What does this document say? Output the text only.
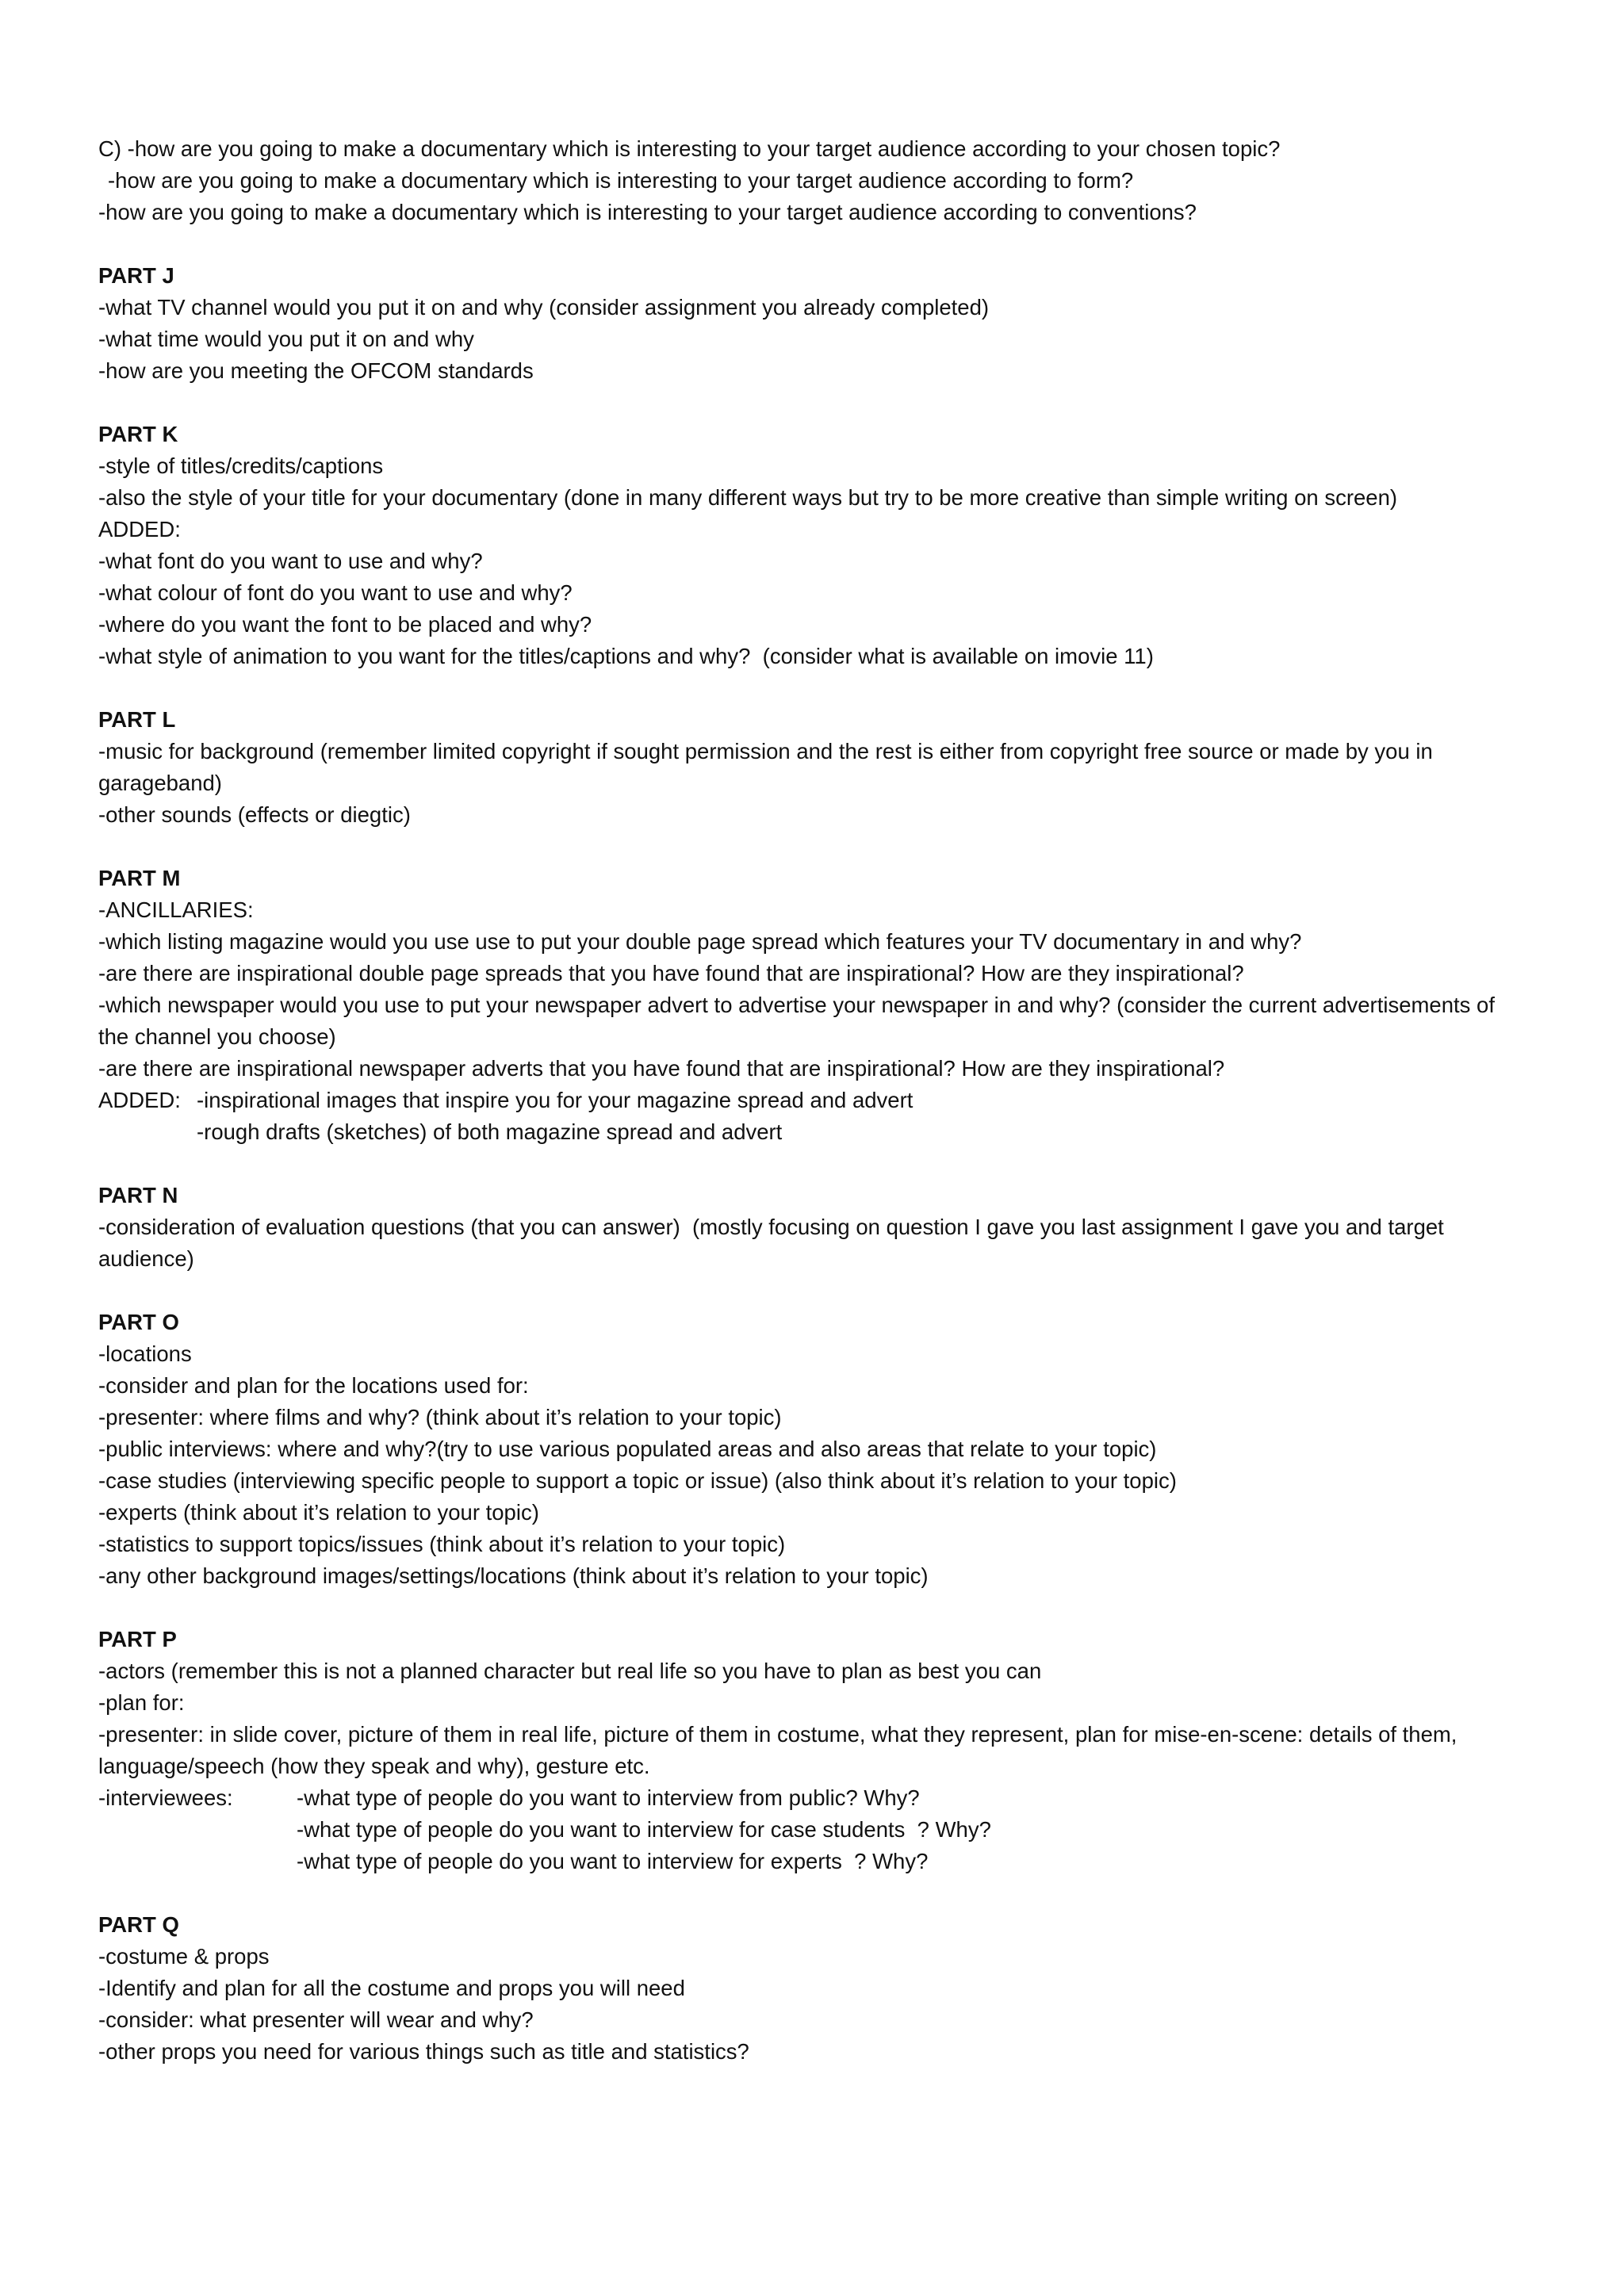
C) -how are you going to make a documentary which is interesting to your target audience according to your chosen topic?

-how are you going to make a documentary which is interesting to your target audience according to form?

-how are you going to make a documentary which is interesting to your target audience according to conventions?

PART J

-what TV channel would you put it on and why (consider assignment you already completed)

-what time would you put it on and why

-how are you meeting the OFCOM standards

PART K

-style of titles/credits/captions

-also the style of your title for your documentary (done in many different ways but try to be more creative than simple writing on screen)

ADDED:

-what font do you want to use and why?

-what colour of font do you want to use and why?

-where do you want the font to be placed and why?

-what style of animation to you want for the titles/captions and why?  (consider what is available on imovie 11)

PART L

-music for background (remember limited copyright if sought permission and the rest is either from copyright free source or made by you in garageband)

-other sounds (effects or diegtic)

PART M

-ANCILLARIES:

-which listing magazine would you use use to put your double page spread which features your TV documentary in and why?

-are there are inspirational double page spreads that you have found that are inspirational? How are they inspirational?

-which newspaper would you use to put your newspaper advert to advertise your newspaper in and why? (consider the current advertisements of the channel you choose)

-are there are inspirational newspaper adverts that you have found that are inspirational? How are they inspirational?

ADDED: -inspirational images that inspire you for your magazine spread and advert

-rough drafts (sketches) of both magazine spread and advert

PART N

-consideration of evaluation questions (that you can answer)  (mostly focusing on question I gave you last assignment I gave you and target audience)

PART O

-locations

-consider and plan for the locations used for:

-presenter: where films and why? (think about it’s relation to your topic)

-public interviews: where and why?(try to use various populated areas and also areas that relate to your topic)

-case studies (interviewing specific people to support a topic or issue) (also think about it’s relation to your topic)

-experts (think about it’s relation to your topic)

-statistics to support topics/issues (think about it’s relation to your topic)

-any other background images/settings/locations (think about it’s relation to your topic)

PART P

-actors (remember this is not a planned character but real life so you have to plan as best you can

-plan for:

-presenter: in slide cover, picture of them in real life, picture of them in costume, what they represent, plan for mise-en-scene: details of them, language/speech (how they speak and why), gesture etc.

-interviewees:	-what type of people do you want to interview from public? Why?

-what type of people do you want to interview for case students  ? Why?

-what type of people do you want to interview for experts  ? Why?

PART Q

-costume & props

-Identify and plan for all the costume and props you will need

-consider: what presenter will wear and why?

-other props you need for various things such as title and statistics?
